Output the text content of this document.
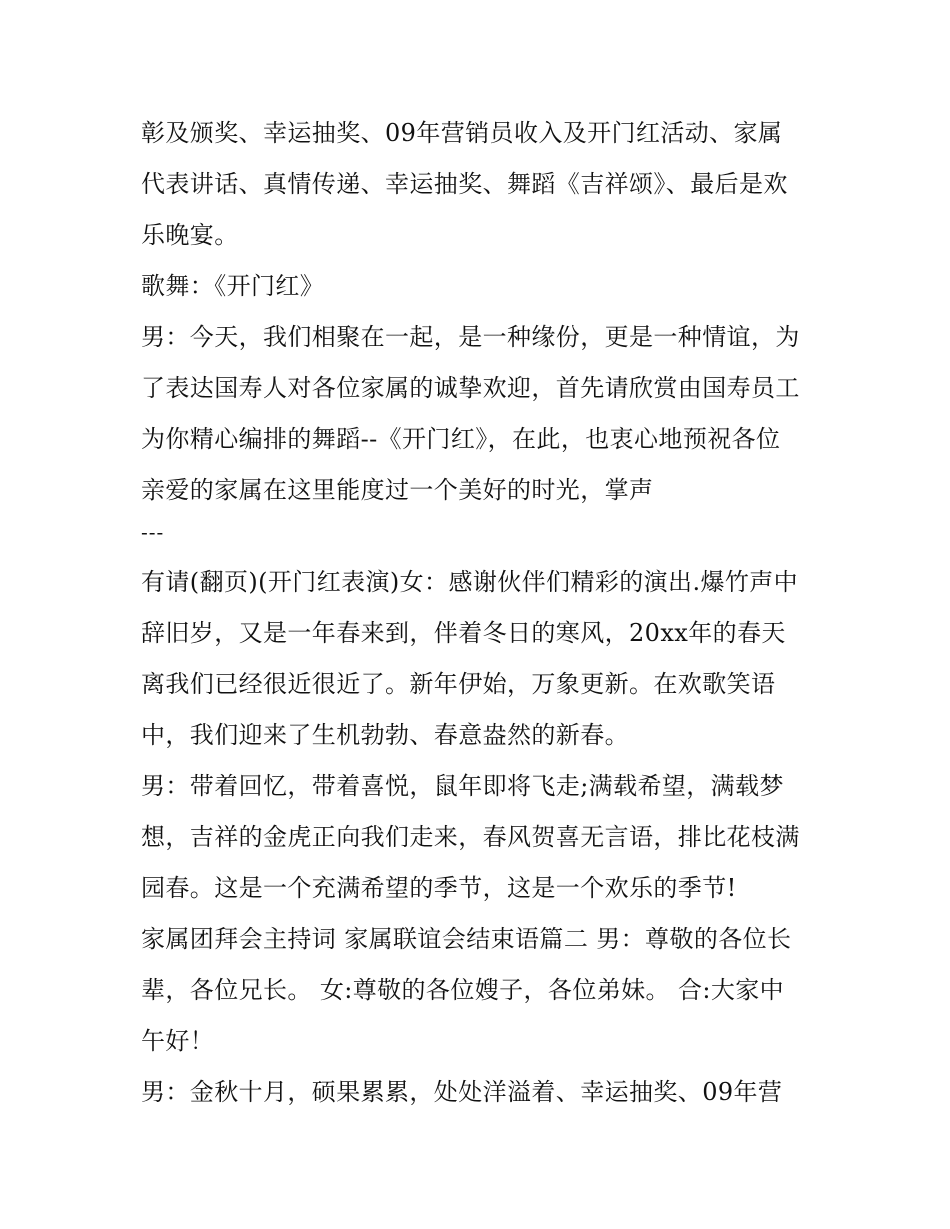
彰及颁奖、幸运抽奖、09年营销员收入及开门红活动、家属
代表讲话、真情传递、幸运抽奖、舞蹈《吉祥颂》、最后是欢
乐晚宴。
歌舞：《开门红》
男：今天，我们相聚在一起，是一种缘份，更是一种情谊，为
了表达国寿人对各位家属的诚挚欢迎，首先请欣赏由国寿员工
为你精心编排的舞蹈--《开门红》，在此，也衷心地预祝各位
亲爱的家属在这里能度过一个美好的时光，掌声
---
有请(翻页)(开门红表演)女：感谢伙伴们精彩的演出.爆竹声中
辞旧岁，又是一年春来到，伴着冬日的寒风，20xx年的春天
离我们已经很近很近了。新年伊始，万象更新。在欢歌笑语
中，我们迎来了生机勃勃、春意盎然的新春。
男：带着回忆，带着喜悦，鼠年即将飞走;满载希望，满载梦
想，吉祥的金虎正向我们走来，春风贺喜无言语，排比花枝满
园春。这是一个充满希望的季节，这是一个欢乐的季节!
家属团拜会主持词 家属联谊会结束语篇二 男：尊敬的各位长
辈，各位兄长。 女:尊敬的各位嫂子，各位弟妹。 合:大家中
午好！
男：金秋十月，硕果累累，处处洋溢着、幸运抽奖、09年营
